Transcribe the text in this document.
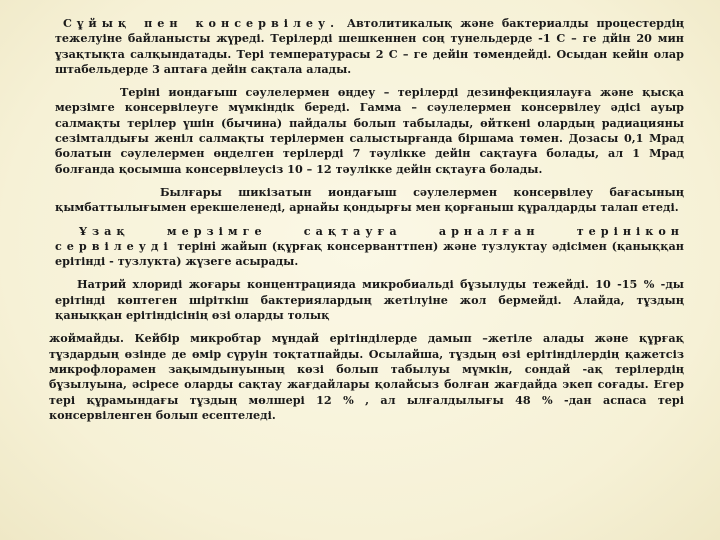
Сұйық пен консервілеу. Автолитикалық және бактериалды процестердің тежелуіне байланысты жүреді. Терілерді шешкеннен соң тунельдерде -1 С – ге дйін 20 мин ұзақтықта салқындатады. Тері температурасы 2 С – ге дейін төмендейді. Осыдан кейін олар штабельдерде 3 аптаға дейін сақтала алады.

Теріні иондағыш сәулелермен өңдеу – терілерді дезинфекциялауға және қысқа мерзімге консервілеуге мүмкіндік береді. Гамма – сәулелермен консервілеу әдісі ауыр салмақты терілер үшін (бычина) пайдалы болып табылады, өйткені олардың радиацияны сезімталдығы женіл салмақты терілермен салыстырғанда біршама төмен. Дозасы 0,1 Мрад болатын сәулелермен өңделген терілерді 7 тәулікке дейін сақтауға болады, ал 1 Мрад болғанда қосымша консервілеусіз 10 – 12 тәулікке дейін сқтауға болады.

Былғары шикізатын иондағыш сәулелермен консервілеу бағасының қымбаттылығымен ерекшеленеді, арнайы қондырғы мен қорғаныш құралдарды талап етеді.

Ұзақ мерзімге сақтауға арналған терінікон сервілеуді терінi жайып (құрғақ консерванттпен) және тузлуктау әдісімен (қаныққан ерітінді - тузлукта) жүзеге асырады.

Натрий хлориді жоғары концентрацияда микробиальді бұзылуды тежейді. 10 -15 % -ды ерітінді көптеген шіріткіш бактериялардың жетілуіне жол бермейді. Алайда, тұздың қаныққан ерітіндісінің өзі оларды толық

жоймайды. Кейбір микробтар мұндай ерітінділерде дамып –жетіле алады және құрғақ тұздардың өзінде де өмір сүруін тоқтатпайды. Осылайша, тұздың өзі ерітінділердің қажетсіз микрофлорамен зақымдынуының көзі болып табылуы мүмкін, сондай -ақ терілердің бұзылуына, әсіресе оларды сақтау жағдайлары қолайсыз болған жағдайда экеп соғады. Егер тері құрамындағы тұздың мөлшері 12 % , ал ылғалдылығы 48 % -дан аспаса тері консервіленген болып есептеледі.
